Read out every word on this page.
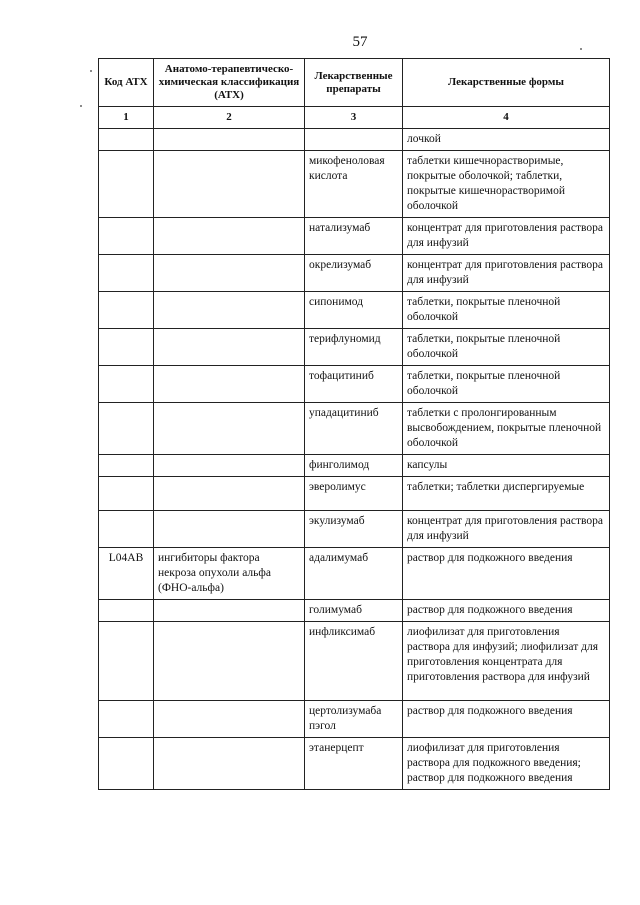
57
Код АТХ	Анатомо-терапевтическо-химическая классификация (АТХ)	Лекарственные препараты	Лекарственные формы
1	2	3	4
			лочкой
		микофеноловая кислота	таблетки кишечнорастворимые, покрытые оболочкой; таблетки, покрытые кишечнорастворимой оболочкой
		натализумаб	концентрат для приготовления раствора для инфузий
		окрелизумаб	концентрат для приготовления раствора для инфузий
		сипонимод	таблетки, покрытые пленочной оболочкой
		терифлуномид	таблетки, покрытые пленочной оболочкой
		тофацитиниб	таблетки, покрытые пленочной оболочкой
		упадацитиниб	таблетки с пролонгированным высвобождением, покрытые пленочной оболочкой
		финголимод	капсулы
		эверолимус	таблетки; таблетки диспергируемые
		экулизумаб	концентрат для приготовления раствора для инфузий
L04AB	ингибиторы фактора некроза опухоли альфа (ФНО-альфа)	адалимумаб	раствор для подкожного введения
		голимумаб	раствор для подкожного введения
		инфликсимаб	лиофилизат для приготовления раствора для инфузий; лиофилизат для приготовления концентрата для приготовления раствора для инфузий
		цертолизумаба пэгол	раствор для подкожного введения
		этанерцепт	лиофилизат для приготовления раствора для подкожного введения; раствор для подкожного введения
